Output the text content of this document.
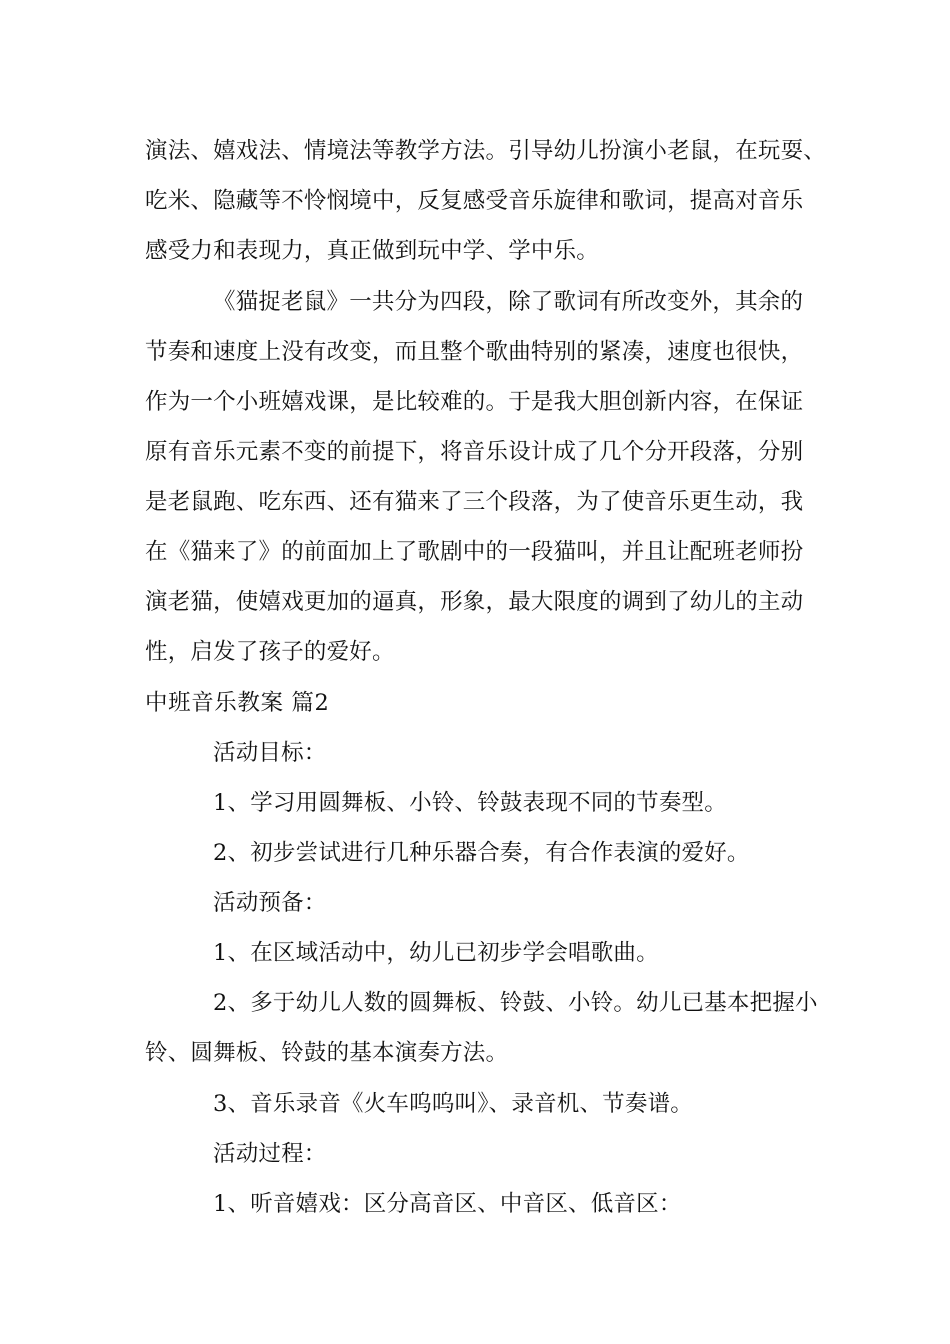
演法、嬉戏法、情境法等教学方法。引导幼儿扮演小老鼠，在玩耍、
吃米、隐藏等不怜悯境中，反复感受音乐旋律和歌词，提高对音乐
感受力和表现力，真正做到玩中学、学中乐。
《猫捉老鼠》一共分为四段，除了歌词有所改变外，其余的
节奏和速度上没有改变，而且整个歌曲特别的紧凑，速度也很快，
作为一个小班嬉戏课，是比较难的。于是我大胆创新内容，在保证
原有音乐元素不变的前提下，将音乐设计成了几个分开段落，分别
是老鼠跑、吃东西、还有猫来了三个段落，为了使音乐更生动，我
在《猫来了》的前面加上了歌剧中的一段猫叫，并且让配班老师扮
演老猫，使嬉戏更加的逼真，形象，最大限度的调到了幼儿的主动
性，启发了孩子的爱好。
中班音乐教案 篇2
活动目标：
1、学习用圆舞板、小铃、铃鼓表现不同的节奏型。
2、初步尝试进行几种乐器合奏，有合作表演的爱好。
活动预备：
1、在区域活动中，幼儿已初步学会唱歌曲。
2、多于幼儿人数的圆舞板、铃鼓、小铃。幼儿已基本把握小
铃、圆舞板、铃鼓的基本演奏方法。
3、音乐录音《火车呜呜叫》、录音机、节奏谱。
活动过程：
1、听音嬉戏：区分高音区、中音区、低音区：
